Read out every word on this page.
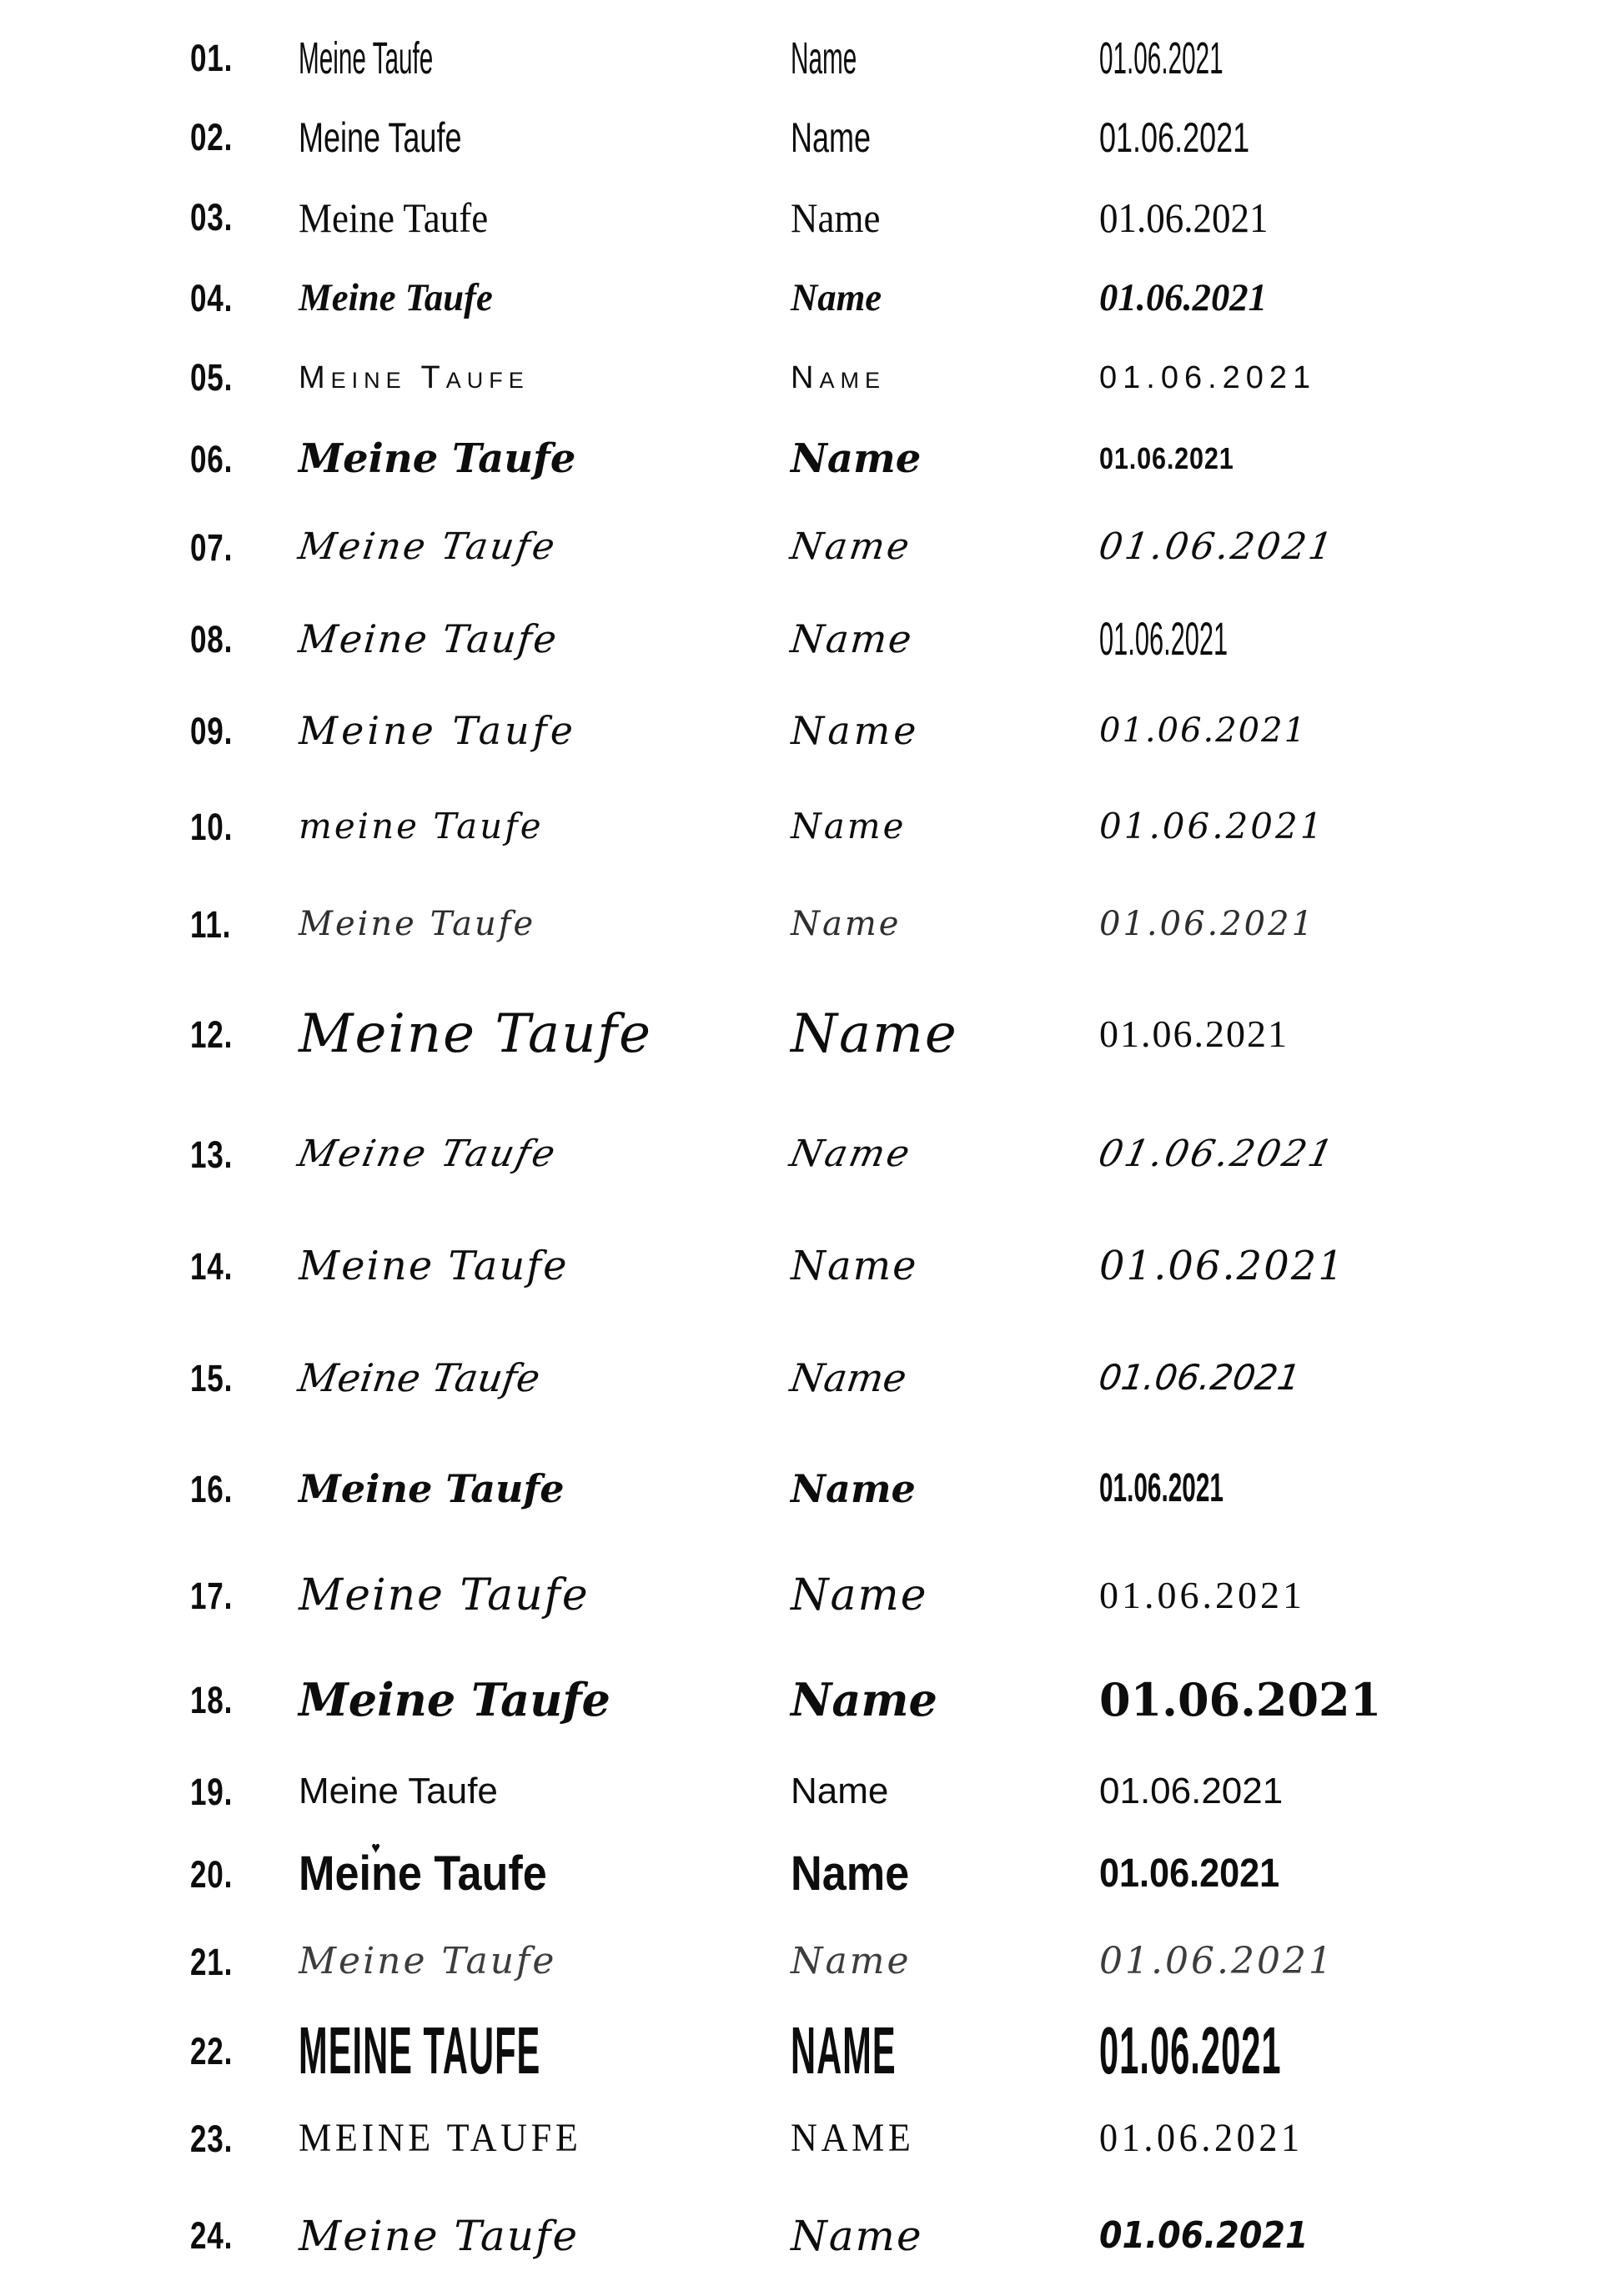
01.	Meine Taufe	Name	01.06.2021
02.	Meine Taufe	Name	01.06.2021
03.	Meine Taufe	Name	01.06.2021
04.	Meine Taufe	Name	01.06.2021
05.	Meine Taufe	Name	01.06.2021
06.	Meine Taufe	Name	01.06.2021
07.	Meine Taufe	Name	01.06.2021
08.	Meine Taufe	Name	01.06.2021
09.	Meine Taufe	Name	01.06.2021
10.	meine Taufe	Name	01.06.2021
11.	Meine Taufe	Name	01.06.2021
12.	Meine Taufe	Name	01.06.2021
13.	Meine Taufe	Name	01.06.2021
14.	Meine Taufe	Name	01.06.2021
15.	Meine Taufe	Name	01.06.2021
16.	Meine Taufe	Name	01.06.2021
17.	Meine Taufe	Name	01.06.2021
18.	Meine Taufe	Name	01.06.2021
19.	Meine Taufe	Name	01.06.2021
20.	Meine Taufe ♥	Name	01.06.2021
21.	Meine Taufe	Name	01.06.2021
22. MEINE TAUFE	NAME	01.06.2021
23.	MEINE TAUFE	NAME	01.06.2021
24.	Meine Taufe	Name	01.06.2021
